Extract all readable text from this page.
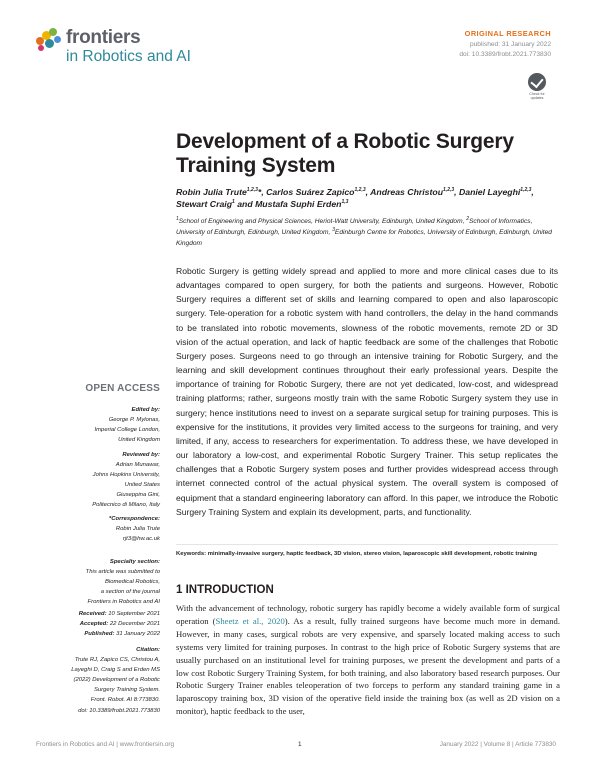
frontiers
in Robotics and AI
ORIGINAL RESEARCH
published: 31 January 2022
doi: 10.3389/frobt.2021.773830
Check for updates
Development of a Robotic Surgery Training System
Robin Julia Trute$^{1,2,3}$*, Carlos Suárez Zapico$^{1,2,3}$, Andreas Christou$^{1,2,3}$, Daniel Layeghi$^{1,2,3}$, Stewart Craig$^1$ and Mustafa Suphi Erden$^{1,3}$
$^1$School of Engineering and Physical Sciences, Heriot-Watt University, Edinburgh, United Kingdom, $^2$School of Informatics, University of Edinburgh, Edinburgh, United Kingdom, $^3$Edinburgh Centre for Robotics, University of Edinburgh, Edinburgh, United Kingdom

Robotic Surgery is getting widely spread and applied to more and more clinical cases due to its advantages compared to open surgery, for both the patients and surgeons. However, Robotic Surgery requires a different set of skills and learning compared to open and also laparoscopic surgery. Tele-operation for a robotic system with hand controllers, the delay in the hand commands to be translated into robotic movements, slowness of the robotic movements, remote 2D or 3D vision of the actual operation, and lack of haptic feedback are some of the challenges that Robotic Surgery poses. Surgeons need to go through an intensive training for Robotic Surgery, and the learning and skill development continues throughout their early professional years. Despite the importance of training for Robotic Surgery, there are not yet dedicated, low-cost, and widespread training platforms; rather, surgeons mostly train with the same Robotic Surgery system they use in surgery; hence institutions need to invest on a separate surgical setup for training purposes. This is expensive for the institutions, it provides very limited access to the surgeons for training, and very limited, if any, access to researchers for experimentation. To address these, we have developed in our laboratory a low-cost, and experimental Robotic Surgery Trainer. This setup replicates the challenges that a Robotic Surgery system poses and further provides widespread access through internet connected control of the actual physical system. The overall system is composed of equipment that a standard engineering laboratory can afford. In this paper, we introduce the Robotic Surgery Training System and explain its development, parts, and functionality.

Keywords: minimally-invasive surgery, haptic feedback, 3D vision, stereo vision, laparoscopic skill development, robotic training

1 INTRODUCTION

With the advancement of technology, robotic surgery has rapidly become a widely available form of surgical operation (Sheetz et al., 2020). As a result, fully trained surgeons have become much more in demand. However, in many cases, surgical robots are very expensive, and sparsely located making access to such systems very limited for training purposes. In contrast to the high price of Robotic Surgery systems that are usually purchased on an institutional level for training purposes, we present the development and parts of a low cost Robotic Surgery Training System, for both training, and also laboratory based research purposes. Our Robotic Surgery Trainer enables teleoperation of two forceps to perform any standard training game in a laparoscopy training box, 3D vision of the operative field inside the training box (as well as 2D vision on a monitor), haptic feedback to the user,

OPEN ACCESS
Edited by:
George P. Mylonas,
Imperial College London,
United Kingdom
Reviewed by:
Adrian Munawar,
Johns Hopkins University,
United States
Giuseppina Gini,
Politecnico di Milano, Italy
*Correspondence:
Robin Julia Trute
rjt3@hw.ac.uk
Specialty section:
This article was submitted to
Biomedical Robotics,
a section of the journal
Frontiers in Robotics and AI
Received: 10 September 2021
Accepted: 22 December 2021
Published: 31 January 2022
Citation:
Trute RJ, Zapico CS, Christou A,
Layeghi D, Craig S and Erden MS
(2022) Development of a Robotic
Surgery Training System.
Front. Robot. AI 8:773830.
doi: 10.3389/frobt.2021.773830
Frontiers in Robotics and AI | www.frontiersin.org	1	January 2022 | Volume 8 | Article 773830
